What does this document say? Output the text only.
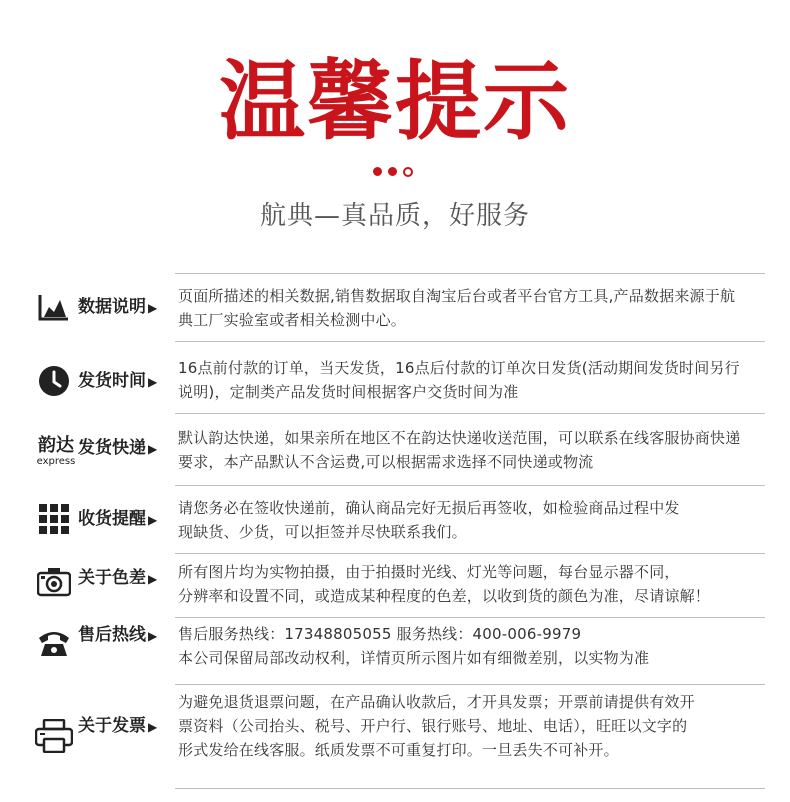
温馨提示
航典—真品质，好服务
数据说明 ▶
页面所描述的相关数据,销售数据取自淘宝后台或者平台官方工具,产品数据来源于航
典工厂实验室或者相关检测中心。
发货时间 ▶
16点前付款的订单，当天发货，16点后付款的订单次日发货(活动期间发货时间另行
说明)，定制类产品发货时间根据客户交货时间为准
韵达
express
发货快递 ▶
默认韵达快递，如果亲所在地区不在韵达快递收送范围，可以联系在线客服协商快递
要求，本产品默认不含运费,可以根据需求选择不同快递或物流
收货提醒 ▶
请您务必在签收快递前，确认商品完好无损后再签收，如检验商品过程中发
现缺货、少货，可以拒签并尽快联系我们。
关于色差 ▶ 所有图片均为实物拍摄，由于拍摄时光线、灯光等问题，每台显示器不同，
分辨率和设置不同，或造成某种程度的色差，以收到货的颜色为准，尽请谅解！
售后热线 ▶ 售后服务热线：17348805055 服务热线：400-006-9979
本公司保留局部改动权利，详情页所示图片如有细微差别，以实物为准
关于发票 ▶
为避免退货退票问题，在产品确认收款后，才开具发票；开票前请提供有效开
票资料（公司抬头、税号、开户行、银行账号、地址、电话），旺旺以文字的
形式发给在线客服。纸质发票不可重复打印。一旦丢失不可补开。
